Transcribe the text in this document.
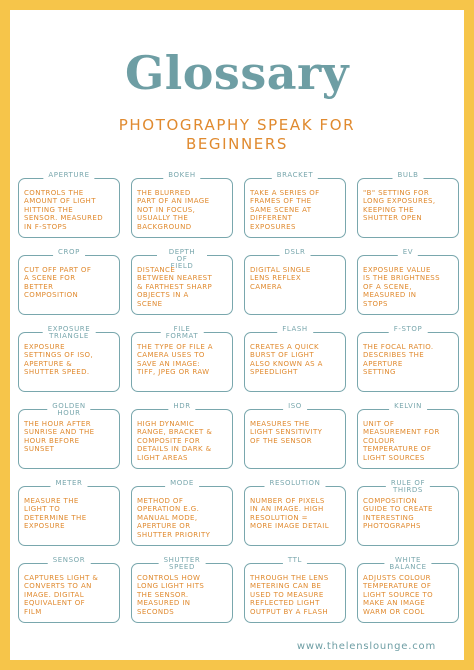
Glossary
PHOTOGRAPHY SPEAK FOR BEGINNERS
APERTURE
CONTROLS THE
AMOUNT OF LIGHT
HITTING THE
SENSOR. MEASURED
IN F-STOPS
BOKEH
THE BLURRED
PART OF AN IMAGE
NOT IN FOCUS,
USUALLY THE
BACKGROUND
BRACKET
TAKE A SERIES OF
FRAMES OF THE
SAME SCENE AT
DIFFERENT
EXPOSURES
BULB
"B" SETTING FOR
LONG EXPOSURES,
KEEPING THE
SHUTTER OPEN
CROP
CUT OFF PART OF
A SCENE FOR
BETTER
COMPOSITION
DEPTH OF
FIELD
DISTANCE
BETWEEN NEAREST
& FARTHEST SHARP
OBJECTS IN A
SCENE
DSLR
DIGITAL SINGLE
LENS REFLEX
CAMERA
EV
EXPOSURE VALUE
IS THE BRIGHTNESS
OF A SCENE,
MEASURED IN
STOPS
EXPOSURE
TRIANGLE
EXPOSURE
SETTINGS OF ISO,
APERTURE &
SHUTTER SPEED.
FILE
FORMAT
THE TYPE OF FILE A
CAMERA USES TO
SAVE AN IMAGE:
TIFF, JPEG OR RAW
FLASH
CREATES A QUICK
BURST OF LIGHT
ALSO KNOWN AS A
SPEEDLIGHT
F-STOP
THE FOCAL RATIO.
DESCRIBES THE
APERTURE
SETTING
GOLDEN
HOUR
THE HOUR AFTER
SUNRISE AND THE
HOUR BEFORE
SUNSET
HDR
HIGH DYNAMIC
RANGE, BRACKET &
COMPOSITE FOR
DETAILS IN DARK &
LIGHT AREAS
ISO
MEASURES THE
LIGHT SENSITIVITY
OF THE SENSOR
KELVIN
UNIT OF
MEASUREMENT FOR
COLOUR
TEMPERATURE OF
LIGHT SOURCES
METER
MEASURE THE
LIGHT TO
DETERMINE THE
EXPOSURE
MODE
METHOD OF
OPERATION E.G.
MANUAL MODE,
APERTURE OR
SHUTTER PRIORITY
RESOLUTION
NUMBER OF PIXELS
IN AN IMAGE. HIGH
RESOLUTION =
MORE IMAGE DETAIL
RULE OF
THIRDS
COMPOSITION
GUIDE TO CREATE
INTERESTING
PHOTOGRAPHS
SENSOR
CAPTURES LIGHT &
CONVERTS TO AN
IMAGE. DIGITAL
EQUIVALENT OF
FILM
SHUTTER
SPEED
CONTROLS HOW
LONG LIGHT HITS
THE SENSOR.
MEASURED IN
SECONDS
TTL
THROUGH THE LENS
METERING CAN BE
USED TO MEASURE
REFLECTED LIGHT
OUTPUT BY A FLASH
WHITE
BALANCE
ADJUSTS COLOUR
TEMPERATURE OF
LIGHT SOURCE TO
MAKE AN IMAGE
WARM OR COOL
www.thelenslounge.com
